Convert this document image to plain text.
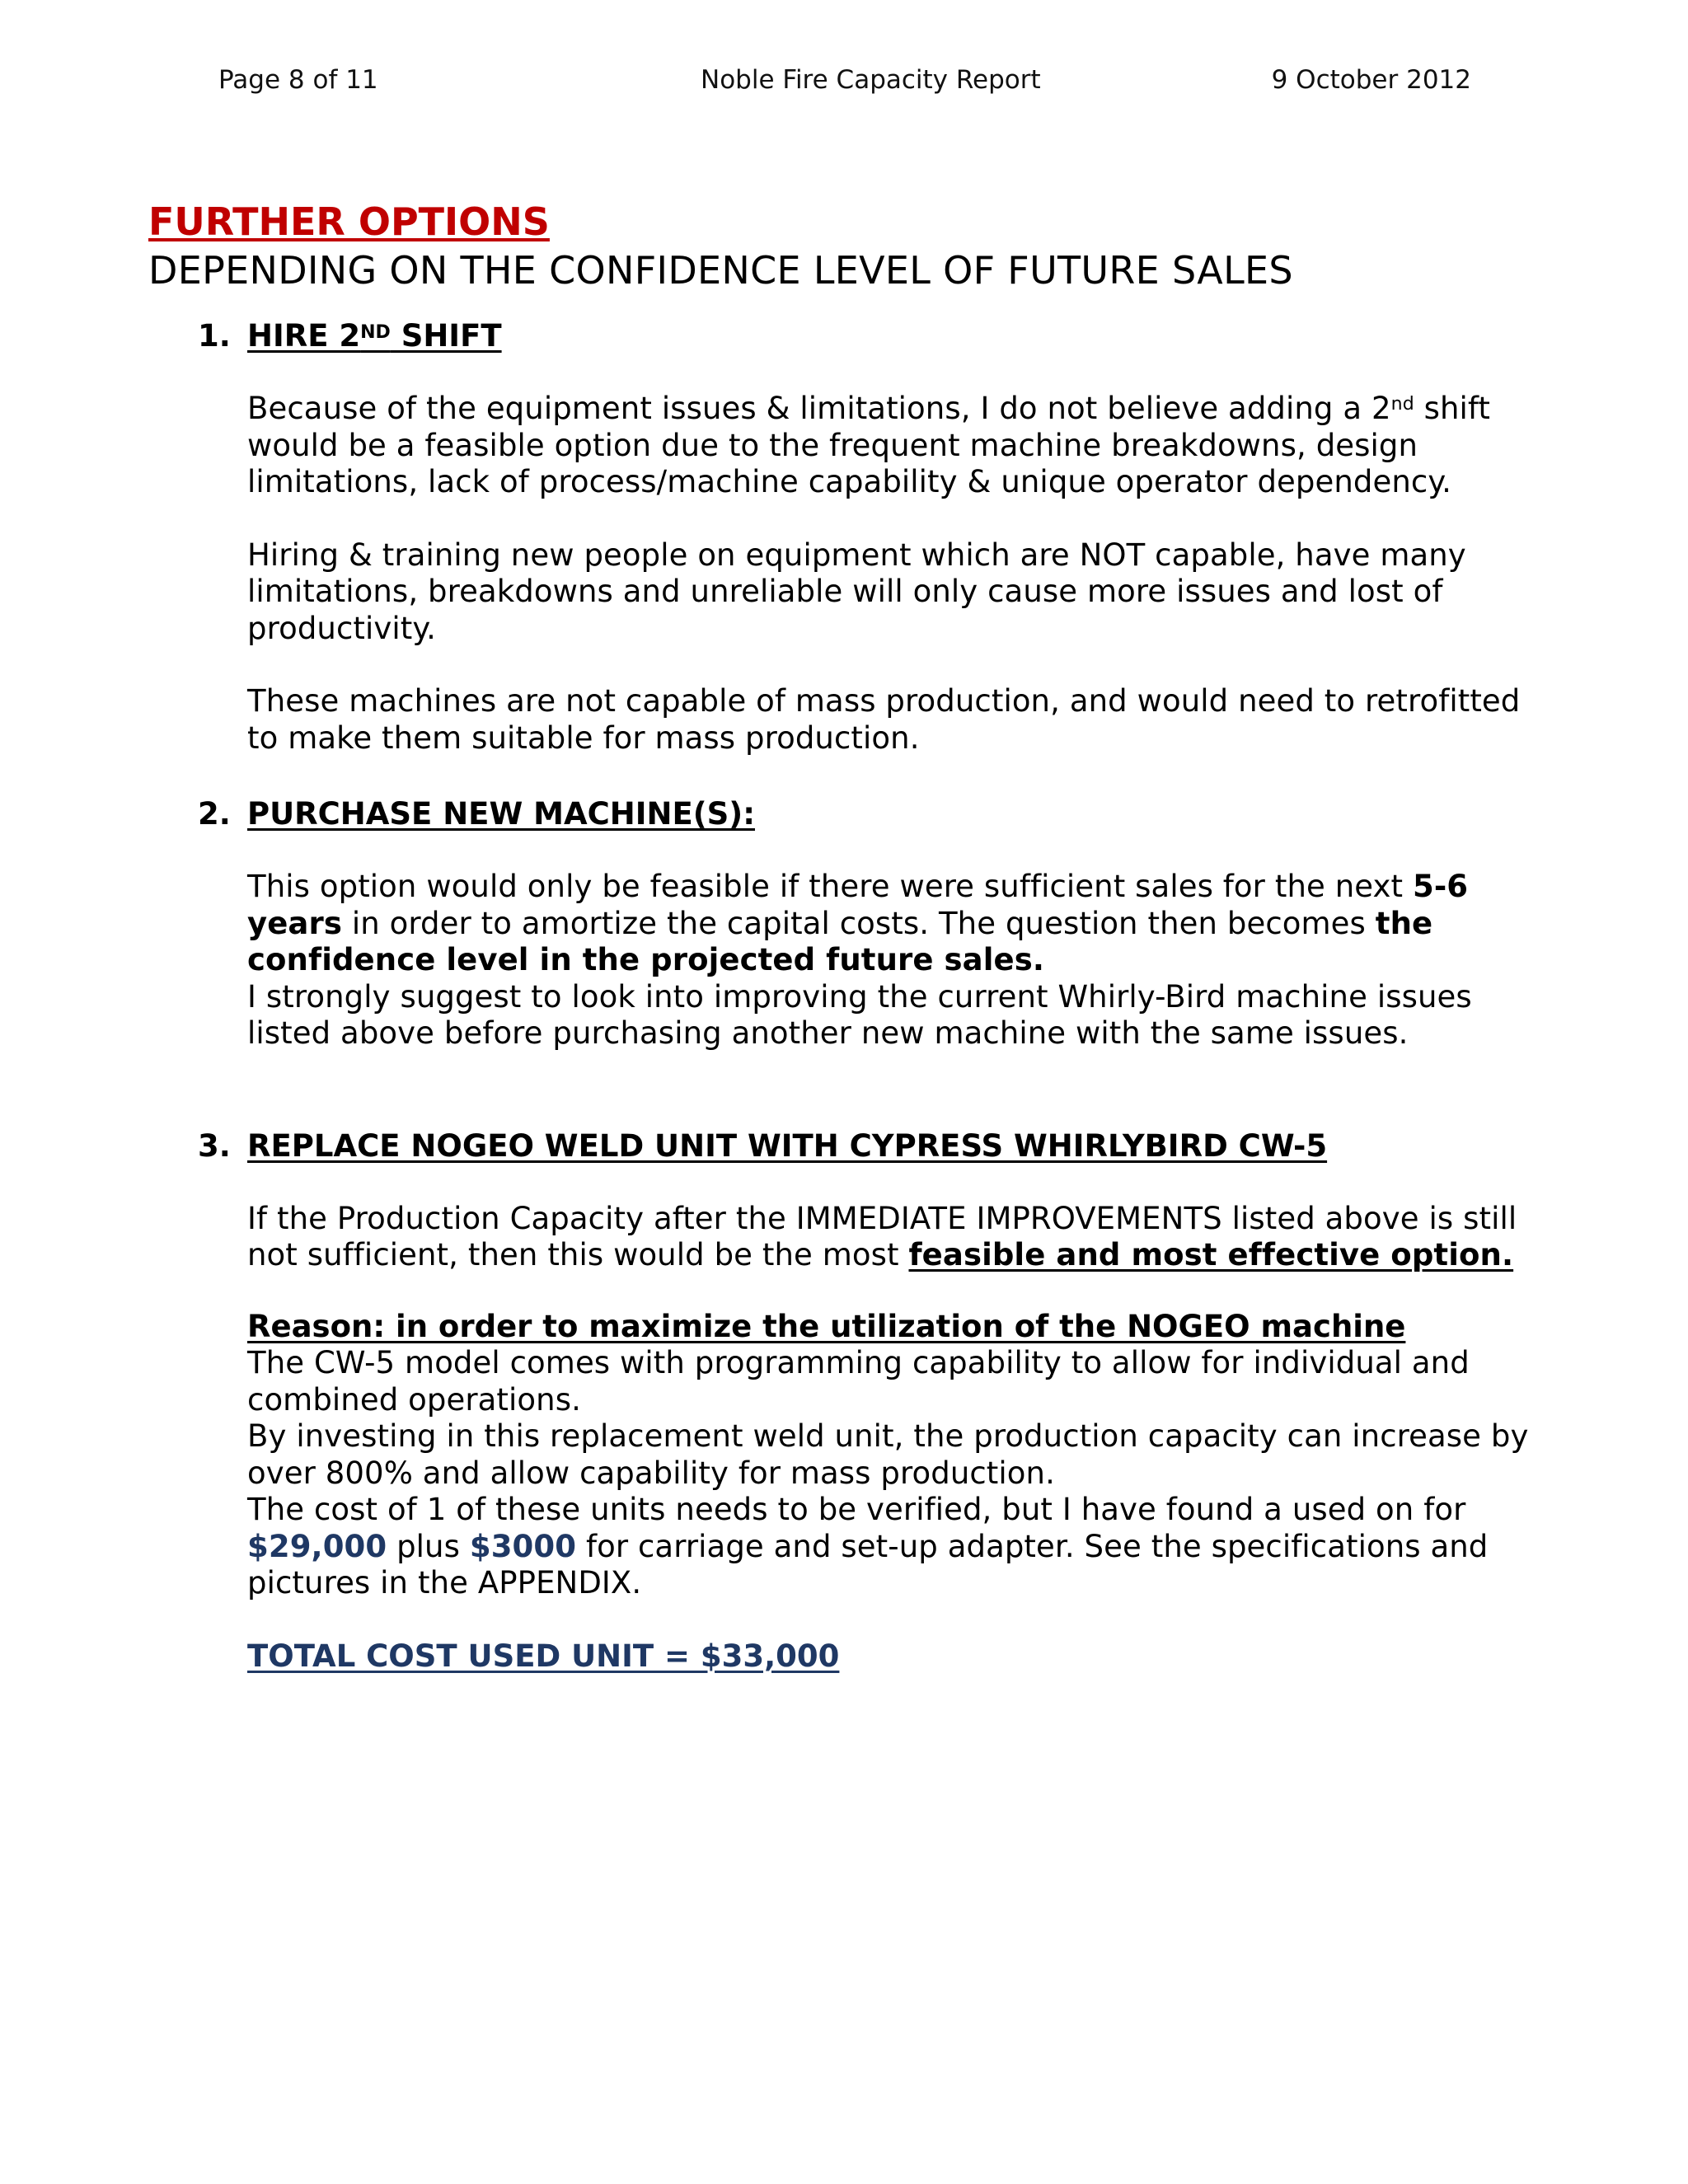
Page 8 of 11	Noble Fire Capacity Report	9 October 2012
FURTHER OPTIONS
DEPENDING ON THE CONFIDENCE LEVEL OF FUTURE SALES
1. HIRE 2ND SHIFT

Because of the equipment issues & limitations, I do not believe adding a 2nd shift would be a feasible option due to the frequent machine breakdowns, design limitations, lack of process/machine capability & unique operator dependency.

Hiring & training new people on equipment which are NOT capable, have many limitations, breakdowns and unreliable will only cause more issues and lost of productivity.

These machines are not capable of mass production, and would need to retrofitted to make them suitable for mass production.

2. PURCHASE NEW MACHINE(S):

This option would only be feasible if there were sufficient sales for the next 5-6 years in order to amortize the capital costs. The question then becomes the confidence level in the projected future sales.

I strongly suggest to look into improving the current Whirly-Bird machine issues listed above before purchasing another new machine with the same issues.

3. REPLACE NOGEO WELD UNIT WITH CYPRESS WHIRLYBIRD CW-5

If the Production Capacity after the IMMEDIATE IMPROVEMENTS listed above is still not sufficient, then this would be the most feasible and most effective option.

Reason: in order to maximize the utilization of the NOGEO machine

The CW-5 model comes with programming capability to allow for individual and combined operations.

By investing in this replacement weld unit, the production capacity can increase by over 800% and allow capability for mass production.

The cost of 1 of these units needs to be verified, but I have found a used on for $29,000 plus $3000 for carriage and set-up adapter. See the specifications and pictures in the APPENDIX.

TOTAL COST USED UNIT = $33,000
